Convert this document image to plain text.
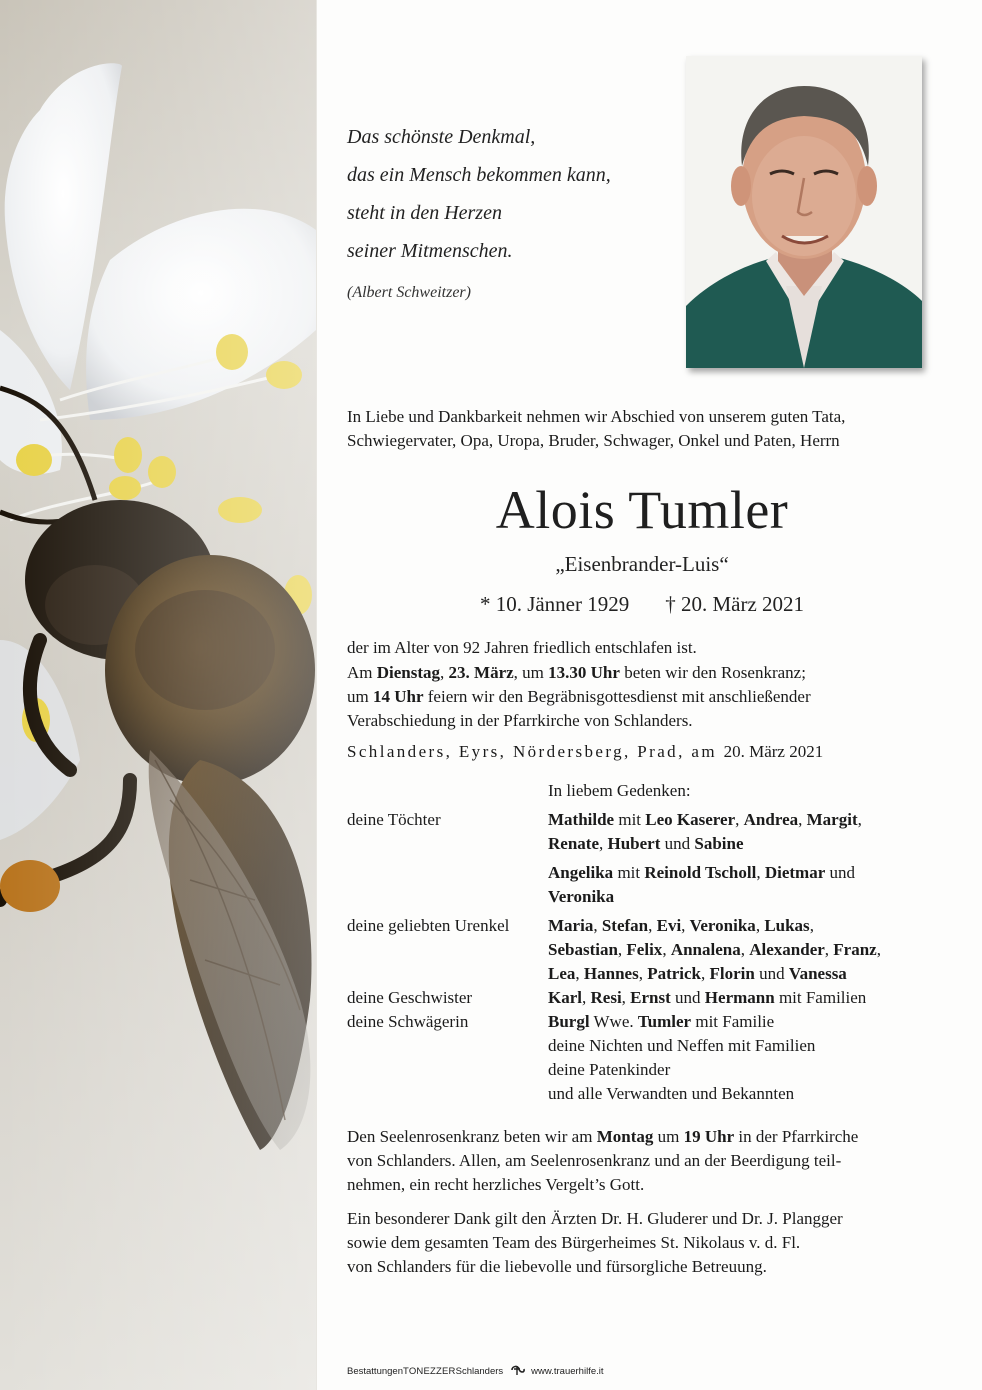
Das schönste Denkmal,
das ein Mensch bekommen kann,
steht in den Herzen
seiner Mitmenschen.
(Albert Schweitzer)
In Liebe und Dankbarkeit nehmen wir Abschied von unserem guten Tata,
Schwiegervater, Opa, Uropa, Bruder, Schwager, Onkel und Paten, Herrn
Alois Tumler
„Eisenbrander-Luis“
* 10. Jänner 1929 † 20. März 2021
der im Alter von 92 Jahren friedlich entschlafen ist.
Am Dienstag, 23. März, um 13.30 Uhr beten wir den Rosenkranz;
um 14 Uhr feiern wir den Begräbnisgottesdienst mit anschließender
Verabschiedung in der Pfarrkirche von Schlanders.
Schlanders, Eyrs, Nördersberg, Prad, am 20. März 2021
In liebem Gedenken:
deine Töchter	Mathilde mit Leo Kaserer, Andrea, Margit,
Renate, Hubert und Sabine
Angelika mit Reinold Tscholl, Dietmar und
Veronika
deine geliebten Urenkel	Maria, Stefan, Evi, Veronika, Lukas,
Sebastian, Felix, Annalena, Alexander, Franz,
Lea, Hannes, Patrick, Florin und Vanessa
deine Geschwister	Karl, Resi, Ernst und Hermann mit Familien
deine Schwägerin	Burgl Wwe. Tumler mit Familie
deine Nichten und Neffen mit Familien
deine Patenkinder
und alle Verwandten und Bekannten
Den Seelenrosenkranz beten wir am Montag um 19 Uhr in der Pfarrkirche
von Schlanders. Allen, am Seelenrosenkranz und an der Beerdigung teil-
nehmen, ein recht herzliches Vergelt’s Gott.
Ein besonderer Dank gilt den Ärzten Dr. H. Gluderer und Dr. J. Plangger
sowie dem gesamten Team des Bürgerheimes St. Nikolaus v. d. Fl.
von Schlanders für die liebevolle und fürsorgliche Betreuung.
Bestattungen TONEZZER Schlanders	www.trauerhilfe.it
